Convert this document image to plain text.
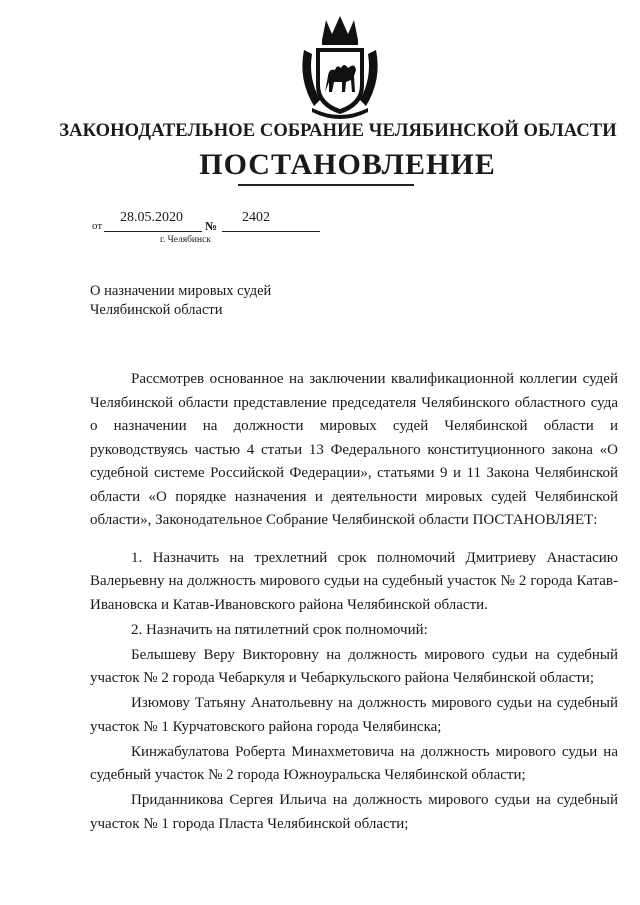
ЗАКОНОДАТЕЛЬНОЕ СОБРАНИЕ ЧЕЛЯБИНСКОЙ ОБЛАСТИ
ПОСТАНОВЛЕНИЕ
от
28.05.2020
№
2402
г. Челябинск
О назначении мировых судей
Челябинской области

Рассмотрев основанное на заключении квалификационной коллегии судей Челябинской области представление председателя Челябинского областного суда о назначении на должности мировых судей Челябинской области и руководствуясь частью 4 статьи 13 Федерального конституционного закона «О судебной системе Российской Федерации», статьями 9 и 11 Закона Челябинской области «О порядке назначения и деятельности мировых судей Челябинской области», Законодательное Собрание Челябинской области ПОСТАНОВЛЯЕТ:

1. Назначить на трехлетний срок полномочий Дмитриеву Анастасию Валерьевну на должность мирового судьи на судебный участок № 2 города Катав-Ивановска и Катав-Ивановского района Челябинской области.

2. Назначить на пятилетний срок полномочий:

Белышеву Веру Викторовну на должность мирового судьи на судебный участок № 2 города Чебаркуля и Чебаркульского района Челябинской области;

Изюмову Татьяну Анатольевну на должность мирового судьи на судебный участок № 1 Курчатовского района города Челябинска;

Кинжабулатова Роберта Минахметовича на должность мирового судьи на судебный участок № 2 города Южноуральска Челябинской области;

Приданникова Сергея Ильича на должность мирового судьи на судебный участок № 1 города Пласта Челябинской области;
